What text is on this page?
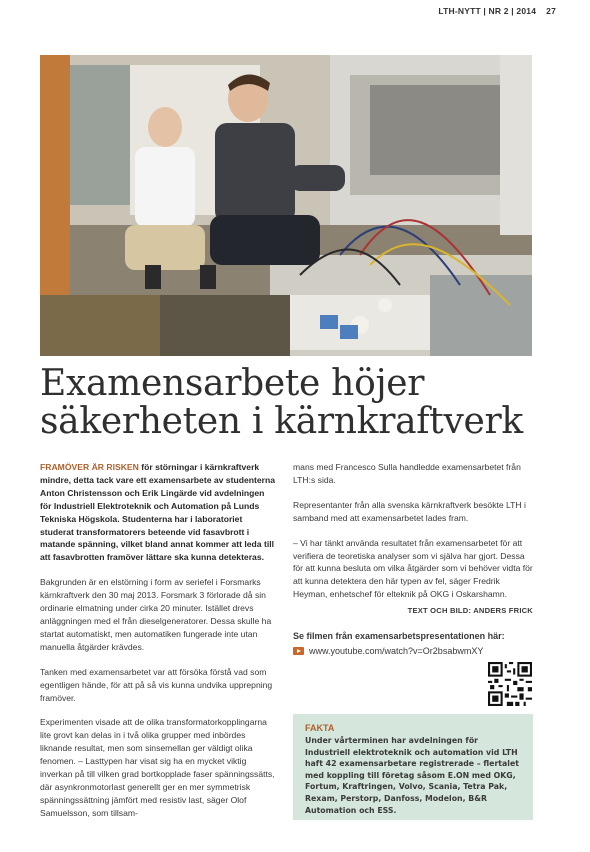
LTH-NYTT | NR 2 | 2014 27
Examensarbete höjer
säkerheten i kärnkraftverk

FRAMÖVER ÄR RISKEN för störningar i kärnkraftverk mindre, detta tack vare ett examensarbete av studenterna Anton Christensson och Erik Lingärde vid avdelningen för Industriell Elektroteknik och Automation på Lunds Tekniska Högskola. Studenterna har i laboratoriet studerat transformatorers beteende vid fasavbrott i matande spänning, vilket bland annat kommer att leda till att fasavbrotten framöver lättare ska kunna detekteras.

Bakgrunden är en elstörning i form av seriefel i Forsmarks kärnkraftverk den 30 maj 2013. Forsmark 3 förlorade då sin ordinarie elmatning under cirka 20 minuter. Istället drevs anläggningen med el från dieselgeneratorer. Dessa skulle ha startat automatiskt, men automatiken fungerade inte utan manuella åtgärder krävdes.

Tanken med examensarbetet var att försöka förstå vad som egentligen hände, för att på så vis kunna undvika upprepning framöver.

Experimenten visade att de olika transformatorkopplingarna lite grovt kan delas in i två olika grupper med inbördes liknande resultat, men som sinsemellan ger väldigt olika fenomen. – Lasttypen har visat sig ha en mycket viktig inverkan på till vilken grad bortkopplade faser spänningssätts, där asynkronmotorlast generellt ger en mer symmetrisk spänningssättning jämfört med resistiv last, säger Olof Samuelsson, som tillsam-

mans med Francesco Sulla handledde examensarbetet från LTH:s sida.

Representanter från alla svenska kärnkraftverk besökte LTH i samband med att examensarbetet lades fram.

– Vi har tänkt använda resultatet från examensarbetet för att verifiera de teoretiska analyser som vi själva har gjort. Dessa för att kunna besluta om vilka åtgärder som vi behöver vidta för att kunna detektera den här typen av fel, säger Fredrik Heyman, enhetschef för elteknik på OKG i Oskarshamn.

TEXT OCH BILD: ANDERS FRICK

Se filmen från examensarbetspresentationen här:

www.youtube.com/watch?v=Or2bsabwmXY
FAKTA
Under vårterminen har avdelningen för Industriell elektroteknik och automation vid LTH haft 42 examensarbetare registrerade – flertalet med koppling till företag såsom E.ON med OKG, Fortum, Kraftringen, Volvo, Scania, Tetra Pak, Rexam, Perstorp, Danfoss, Modelon, B&R Automation och ESS.
